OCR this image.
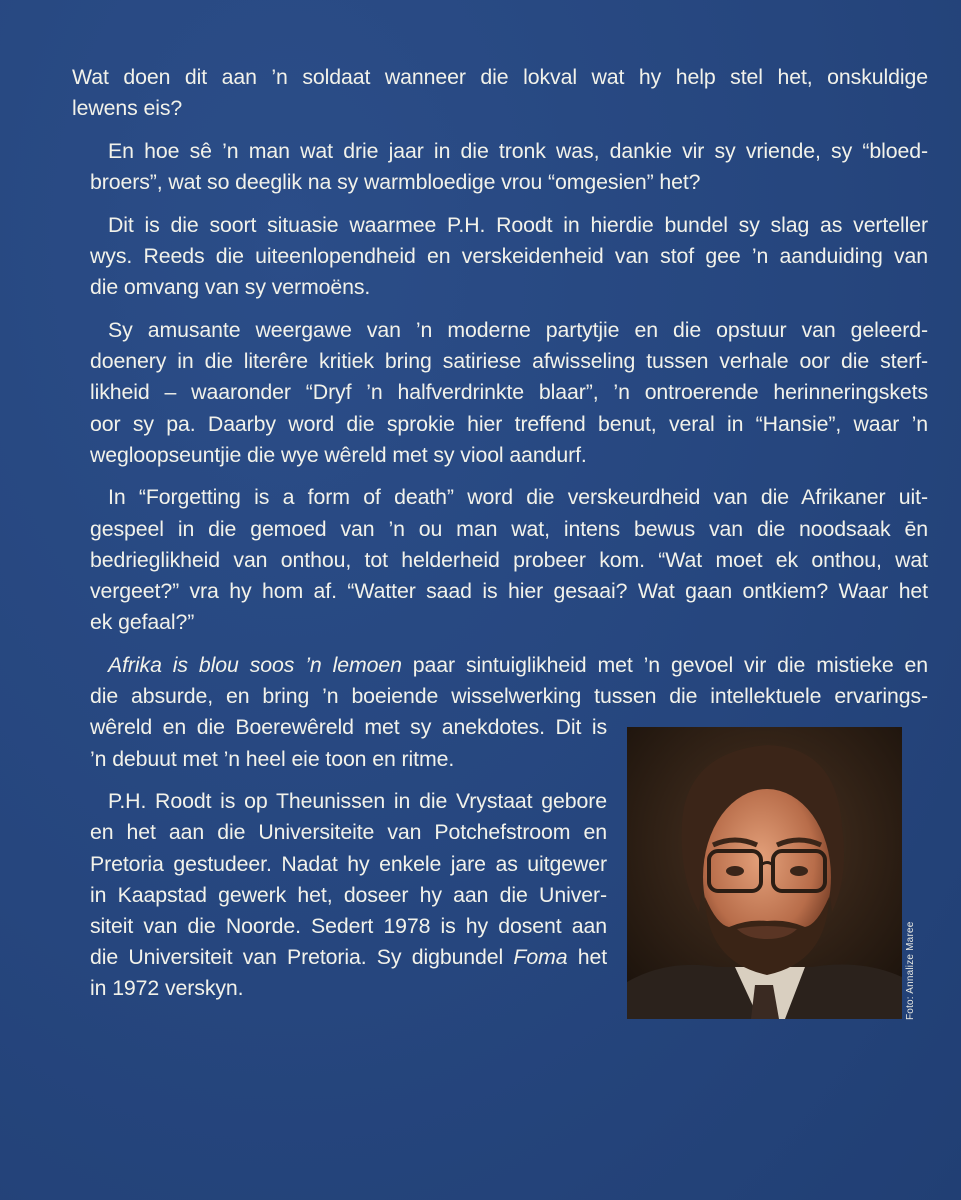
Wat doen dit aan ’n soldaat wanneer die lokval wat hy help stel het, onskuldige
lewens eis?

En hoe sê ’n man wat drie jaar in die tronk was, dankie vir sy vriende, sy “bloed-
broers”, wat so deeglik na sy warmbloedige vrou “omgesien” het?

Dit is die soort situasie waarmee P.H. Roodt in hierdie bundel sy slag as verteller
wys. Reeds die uiteenlopendheid en verskeidenheid van stof gee ’n aanduiding van
die omvang van sy vermoëns.

Sy amusante weergawe van ’n moderne partytjie en die opstuur van geleerd-
doenery in die literêre kritiek bring satiriese afwisseling tussen verhale oor die sterf-
likheid – waaronder “Dryf ’n halfverdrinkte blaar”, ’n ontroerende herinneringskets
oor sy pa. Daarby word die sprokie hier treffend benut, veral in “Hansie”, waar ’n
wegloopseuntjie die wye wêreld met sy viool aandurf.

In “Forgetting is a form of death” word die verskeurdheid van die Afrikaner uit-
gespeel in die gemoed van ’n ou man wat, intens bewus van die noodsaak ēn
bedrieglikheid van onthou, tot helderheid probeer kom. “Wat moet ek onthou, wat
vergeet?” vra hy hom af. “Watter saad is hier gesaai? Wat gaan ontkiem? Waar het
ek gefaal?”

Afrika is blou soos ’n lemoen paar sintuiglikheid met ’n gevoel vir die mistieke en
die absurde, en bring ’n boeiende wisselwerking tussen die intellektuele ervarings-
wêreld en die Boerewêreld met sy anekdotes. Dit is
’n debuut met ’n heel eie toon en ritme.

P.H. Roodt is op Theunissen in die Vrystaat gebore
en het aan die Universiteite van Potchefstroom en
Pretoria gestudeer. Nadat hy enkele jare as uitgewer
in Kaapstad gewerk het, doseer hy aan die Univer-
siteit van die Noorde. Sedert 1978 is hy dosent aan
die Universiteit van Pretoria. Sy digbundel Foma het
in 1972 verskyn.	Foto: Annalize Maree
